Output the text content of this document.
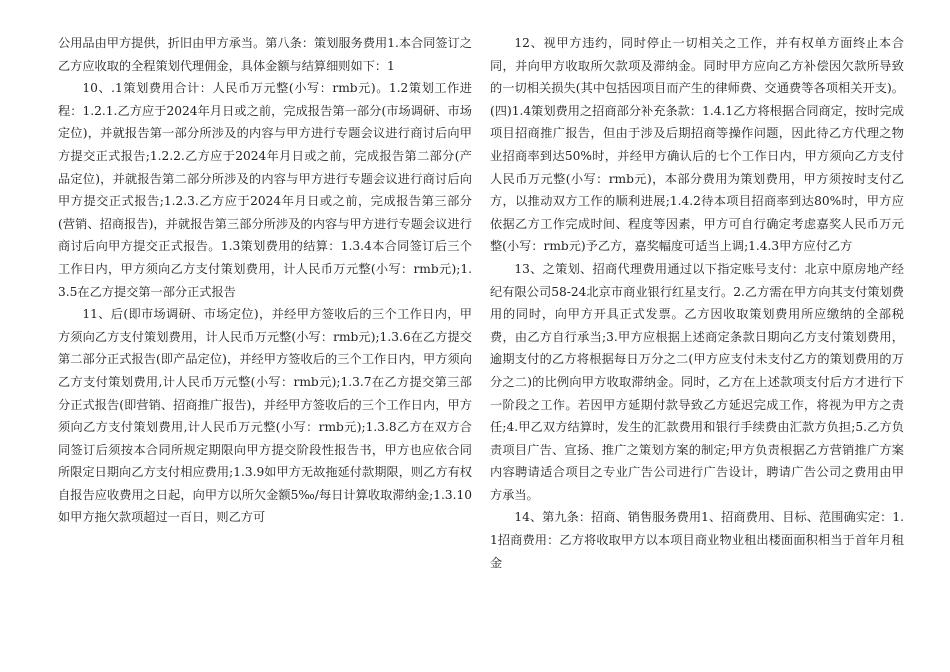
公用品由甲方提供，折旧由甲方承当。第八条：策划服务费用1.本合同签订之乙方应收取的全程策划代理佣金，具体金额与结算细则如下：1

10、.1策划费用合计：人民币万元整(小写：rmb元)。1.2策划工作进程：1.2.1.乙方应于2024年月日或之前，完成报告第一部分(市场调研、市场定位)，并就报告第一部分所涉及的内容与甲方进行专题会议进行商讨后向甲方提交正式报告;1.2.2.乙方应于2024年月日或之前，完成报告第二部分(产品定位)，并就报告第二部分所涉及的内容与甲方进行专题会议进行商讨后向甲方提交正式报告;1.2.3.乙方应于2024年月日或之前，完成报告第三部分(营销、招商报告)，并就报告第三部分所涉及的内容与甲方进行专题会议进行商讨后向甲方提交正式报告。1.3策划费用的结算：1.3.4本合同签订后三个工作日内，甲方须向乙方支付策划费用，计人民币万元整(小写：rmb元);1.3.5在乙方提交第一部分正式报告

11、后(即市场调研、市场定位)，并经甲方签收后的三个工作日内，甲方须向乙方支付策划费用，计人民币万元整(小写：rmb元);1.3.6在乙方提交第二部分正式报告(即产品定位)，并经甲方签收后的三个工作日内，甲方须向乙方支付策划费用,计人民币万元整(小写：rmb元);1.3.7在乙方提交第三部分正式报告(即营销、招商推广报告)，并经甲方签收后的三个工作日内，甲方须向乙方支付策划费用,计人民币万元整(小写：rmb元);1.3.8乙方在双方合同签订后须按本合同所规定期限向甲方提交阶段性报告书，甲方也应依合同所限定日期向乙方支付相应费用;1.3.9如甲方无故拖延付款期限，则乙方有权自报告应收费用之日起，向甲方以所欠金额5‰/每日计算收取滞纳金;1.3.10如甲方拖欠款项超过一百日，则乙方可

12、视甲方违约，同时停止一切相关之工作，并有权单方面终止本合同，并向甲方收取所欠款项及滞纳金。同时甲方应向乙方补偿因欠款所导致的一切相关损失(其中包括因项目而产生的律师费、交通费等各项相关开支)。(四)1.4策划费用之招商部分补充条款：1.4.1乙方将根据合同商定，按时完成项目招商推广报告，但由于涉及后期招商等操作问题，因此待乙方代理之物业招商率到达50%时，并经甲方确认后的七个工作日内，甲方须向乙方支付人民币万元整(小写：rmb元)，本部分费用为策划费用，甲方须按时支付乙方，以推动双方工作的顺利进展;1.4.2待本项目招商率到达80%时，甲方应依据乙方工作完成时间、程度等因素，甲方可自行确定考虑嘉奖人民币万元整(小写：rmb元)予乙方，嘉奖幅度可适当上调;1.4.3甲方应付乙方

13、之策划、招商代理费用通过以下指定账号支付：北京中原房地产经纪有限公司58-24北京市商业银行红星支行。2.乙方需在甲方向其支付策划费用的同时，向甲方开具正式发票。乙方因收取策划费用所应缴纳的全部税费，由乙方自行承当;3.甲方应根据上述商定条款日期向乙方支付策划费用，逾期支付的乙方将根据每日万分之二(甲方应支付未支付乙方的策划费用的万分之二)的比例向甲方收取滞纳金。同时，乙方在上述款项支付后方才进行下一阶段之工作。若因甲方延期付款导致乙方延迟完成工作，将视为甲方之责任;4.甲乙双方结算时，发生的汇款费用和银行手续费由汇款方负担;5.乙方负责项目广告、宣扬、推广之策划方案的制定;甲方负责根据乙方营销推广方案内容聘请适合项目之专业广告公司进行广告设计，聘请广告公司之费用由甲方承当。

14、第九条：招商、销售服务费用1、招商费用、目标、范围确实定：1.1招商费用：乙方将收取甲方以本项目商业物业租出楼面面积相当于首年月租金
